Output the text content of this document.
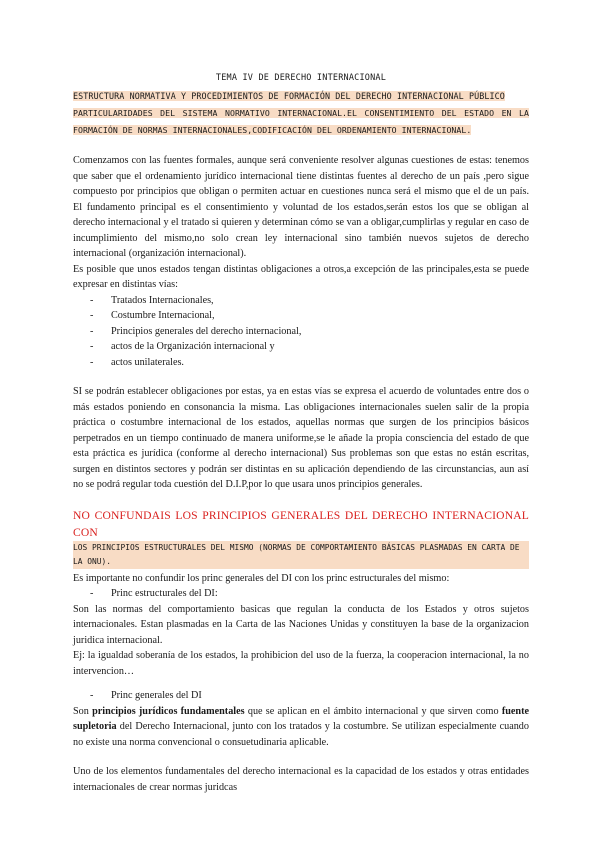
TEMA IV DE DERECHO INTERNACIONAL
ESTRUCTURA NORMATIVA Y PROCEDIMIENTOS DE FORMACIÓN DEL DERECHO INTERNACIONAL PÚBLICO
PARTICULARIDADES DEL SISTEMA NORMATIVO INTERNACIONAL.EL CONSENTIMIENTO DEL ESTADO EN LA FORMACIÓN DE NORMAS INTERNACIONALES,CODIFICACIÓN DEL ORDENAMIENTO INTERNACIONAL.

Comenzamos con las fuentes formales, aunque será conveniente resolver algunas cuestiones de estas: tenemos que saber que el ordenamiento jurídico internacional tiene distintas fuentes al derecho de un país ,pero sigue compuesto por principios que obligan o permiten actuar en cuestiones nunca será el mismo que el de un país. El fundamento principal es el consentimiento y voluntad de los estados,serán estos los que se obligan al derecho internacional y el tratado si quieren y determinan cómo se van a obligar,cumplirlas y regular en caso de incumplimiento del mismo,no solo crean ley internacional sino también nuevos sujetos de derecho internacional (organización internacional).

Es posible que unos estados tengan distintas obligaciones a otros,a excepción de las principales,esta se puede expresar en distintas vías:

- Tratados Internacionales,
- Costumbre Internacional,
- Principios generales del derecho internacional,
- actos de la Organización internacional y
- actos unilaterales.

SI se podrán establecer obligaciones por estas, ya en estas vías se expresa el acuerdo de voluntades entre dos o más estados poniendo en consonancia la misma. Las obligaciones internacionales suelen salir de la propia práctica o costumbre internacional de los estados, aquellas normas que surgen de los principios básicos perpetrados en un tiempo continuado de manera uniforme,se le añade la propia consciencia del estado de que esta práctica es jurídica (conforme al derecho internacional) Sus problemas son que estas no están escritas, surgen en distintos sectores y podrán ser distintas en su aplicación dependiendo de las circunstancias, aun así no se podrá regular toda cuestión del D.I.P,por lo que usara unos principios generales.

NO CONFUNDAIS LOS PRINCIPIOS GENERALES DEL DERECHO INTERNACIONAL CON

LOS PRINCIPIOS ESTRUCTURALES DEL MISMO (NORMAS DE COMPORTAMIENTO BÁSICAS PLASMADAS EN CARTA DE LA ONU).

Es importante no confundir los princ generales del DI con los princ estructurales del mismo:

- Princ estructurales del DI:

Son las normas del comportamiento basicas que regulan la conducta de los Estados y otros sujetos internacionales. Estan plasmadas en la Carta de las Naciones Unidas y constituyen la base de la organizacion juridica internacional.

Ej: la igualdad soberanía de los estados, la prohibicion del uso de la fuerza, la cooperacion internacional, la no intervencion…

- Princ generales del DI

Son principios jurídicos fundamentales que se aplican en el ámbito internacional y que sirven como fuente supletoria del Derecho Internacional, junto con los tratados y la costumbre. Se utilizan especialmente cuando no existe una norma convencional o consuetudinaria aplicable.

Uno de los elementos fundamentales del derecho internacional es la capacidad de los estados y otras entidades internacionales de crear normas juridcas
